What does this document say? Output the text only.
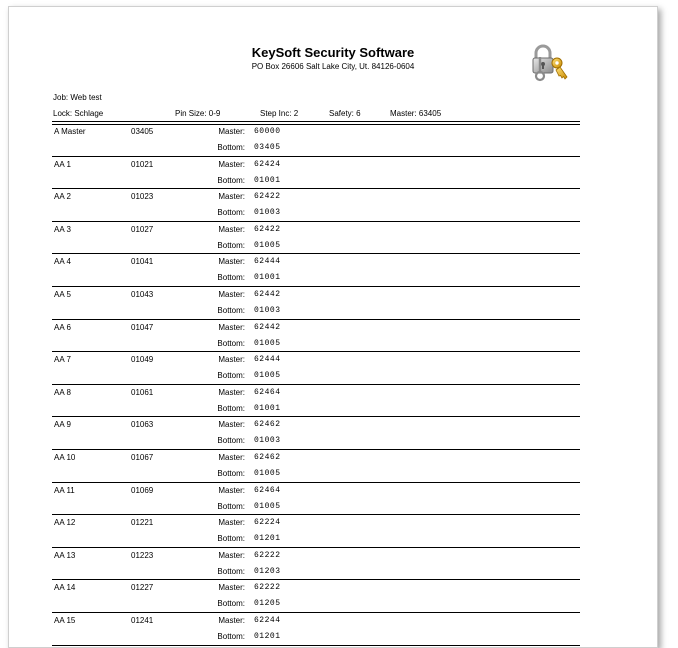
KeySoft Security Software
PO Box 26606 Salt Lake City, Ut. 84126-0604
Job: Web test
Lock: Schlage	Pin Size: 0-9	Step Inc: 2	Safety: 6	Master: 63405
A Master	03405	Master: 60000
Bottom: 03405
AA 1	01021	Master: 62424
Bottom: 01001
AA 2	01023	Master: 62422
Bottom: 01003
AA 3	01027	Master: 62422
Bottom: 01005
AA 4	01041	Master: 62444
Bottom: 01001
AA 5	01043	Master: 62442
Bottom: 01003
AA 6	01047	Master: 62442
Bottom: 01005
AA 7	01049	Master: 62444
Bottom: 01005
AA 8	01061	Master: 62464
Bottom: 01001
AA 9	01063	Master: 62462
Bottom: 01003
AA 10	01067	Master: 62462
Bottom: 01005
AA 11	01069	Master: 62464
Bottom: 01005
AA 12	01221	Master: 62224
Bottom: 01201
AA 13	01223	Master: 62222
Bottom: 01203
AA 14	01227	Master: 62222
Bottom: 01205
AA 15	01241	Master: 62244
Bottom: 01201
